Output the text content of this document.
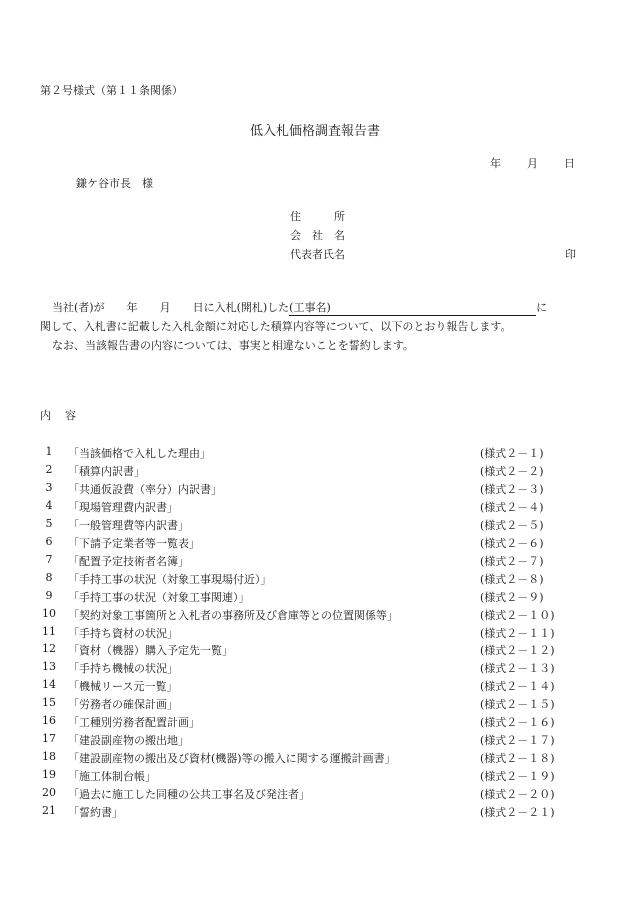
第２号様式（第１１条関係）
低入札価格調査報告書
年 月 日
鎌ケ谷市長　様
住　　　所
会　社　名
代表者氏名	印
当社(者)が　　年　　月　　日に入札(開札)した(工事名)	に
関して、入札書に記載した入札金額に対応した積算内容等について、以下のとおり報告します。
なお、当該報告書の内容については、事実と相違ないことを誓約します。
内 容
1	「当該価格で入札した理由」	(様式２－１)
2	「積算内訳書」	(様式２－２)
3	「共通仮設費（率分）内訳書」	(様式２－３)
4	「現場管理費内訳書」	(様式２－４)
5	「一般管理費等内訳書」	(様式２－５)
6	「下請予定業者等一覧表」	(様式２－６)
7	「配置予定技術者名簿」	(様式２－７)
8	「手持工事の状況（対象工事現場付近）」	(様式２－８)
9	「手持工事の状況（対象工事関連）」	(様式２－９)
10 「契約対象工事箇所と入札者の事務所及び倉庫等との位置関係等」	(様式２－１０)
11 「手持ち資材の状況」	(様式２－１１)
12 「資材（機器）購入予定先一覧」	(様式２－１２)
13 「手持ち機械の状況」	(様式２－１３)
14 「機械リース元一覧」	(様式２－１４)
15 「労務者の確保計画」	(様式２－１５)
16 「工種別労務者配置計画」	(様式２－１６)
17 「建設副産物の搬出地」	(様式２－１７)
18 「建設副産物の搬出及び資材(機器)等の搬入に関する運搬計画書」	(様式２－１８)
19 「施工体制台帳」	(様式２－１９)
20 「過去に施工した同種の公共工事名及び発注者」	(様式２－２０)
21 「誓約書」	(様式２－２１)
